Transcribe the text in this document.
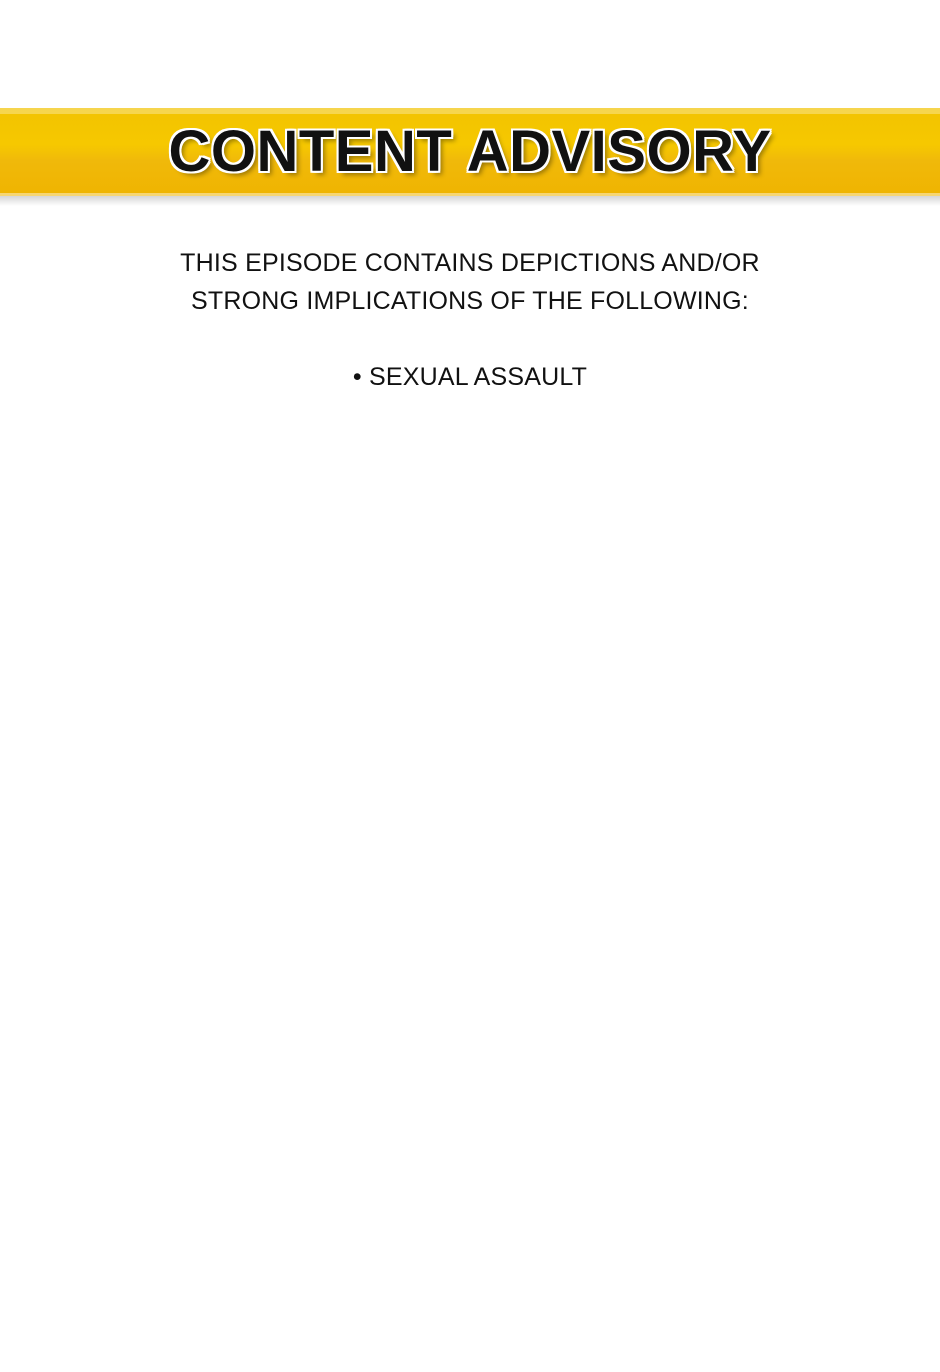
CONTENT ADVISORY
THIS EPISODE CONTAINS DEPICTIONS AND/OR
STRONG IMPLICATIONS OF THE FOLLOWING:
• SEXUAL ASSAULT
